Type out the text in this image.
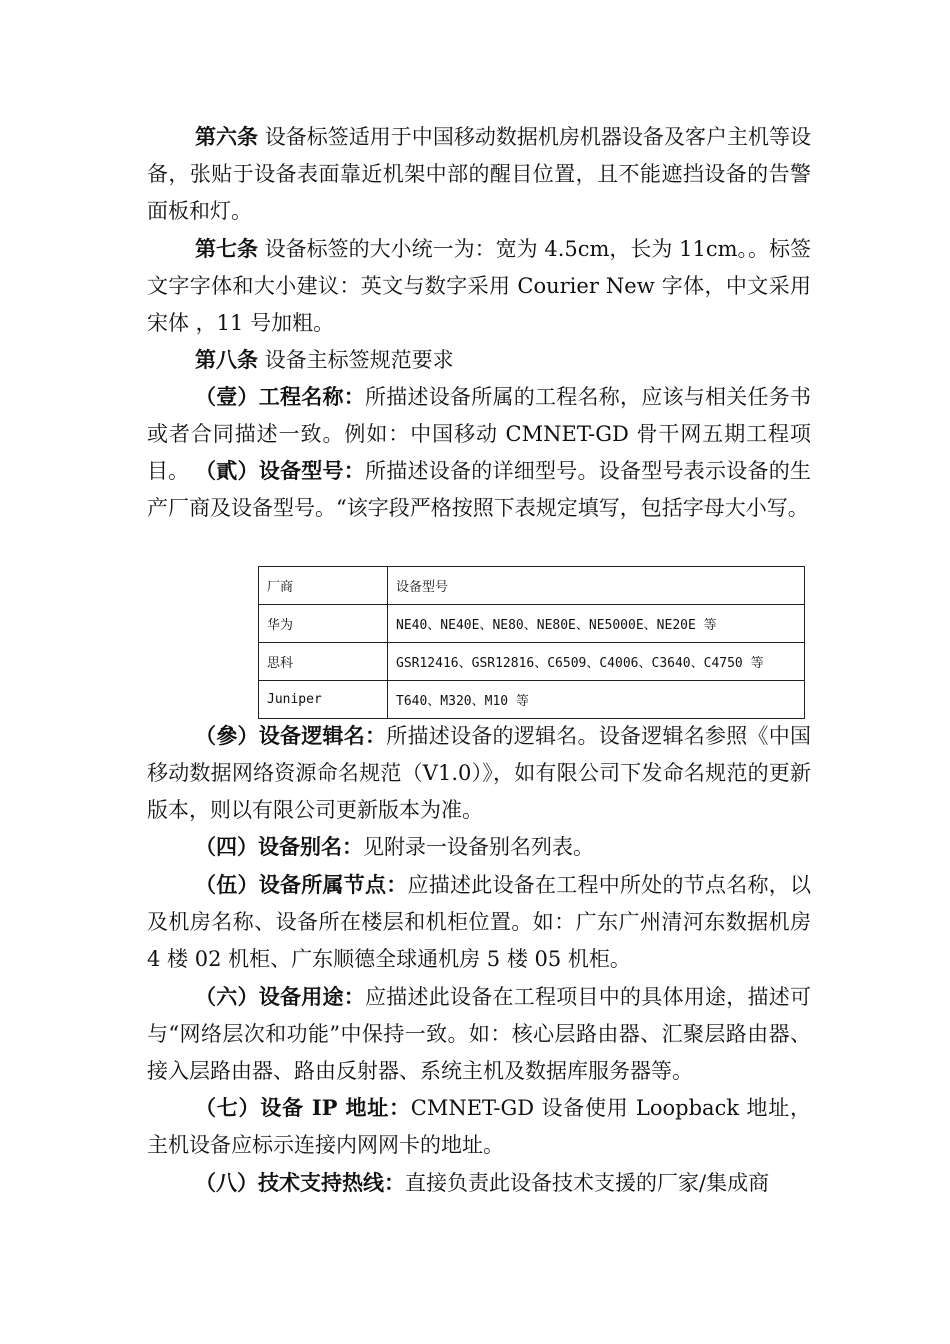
第六条 设备标签适用于中国移动数据机房机器设备及客户主机等设备，张贴于设备表面靠近机架中部的醒目位置，且不能遮挡设备的告警面板和灯。

第七条 设备标签的大小统一为：宽为 4.5cm，长为 11cm。。标签文字字体和大小建议：英文与数字采用 Courier New 字体，中文采用宋体 ，11 号加粗。

第八条 设备主标签规范要求

（壹）工程名称：所描述设备所属的工程名称，应该与相关任务书或者合同描述一致。例如：中国移动 CMNET-GD 骨干网五期工程项目。 （貳）设备型号：所描述设备的详细型号。设备型号表示设备的生产厂商及设备型号。“该字段严格按照下表规定填写，包括字母大小写。

厂商	设备型号
华为	NE40、NE40E、NE80、NE80E、NE5000E、NE20E 等
思科	GSR12416、GSR12816、C6509、C4006、C3640、C4750 等
Juniper	T640、M320、M10 等

（參）设备逻辑名：所描述设备的逻辑名。设备逻辑名参照《中国移动数据网络资源命名规范（V1.0）》，如有限公司下发命名规范的更新版本，则以有限公司更新版本为准。

（四）设备别名：见附录一设备别名列表。

（伍）设备所属节点：应描述此设备在工程中所处的节点名称，以及机房名称、设备所在楼层和机柜位置。如：广东广州清河东数据机房 4 楼 02 机柜、广东顺德全球通机房 5 楼 05 机柜。

（六）设备用途：应描述此设备在工程项目中的具体用途，描述可与“网络层次和功能”中保持一致。如：核心层路由器、汇聚层路由器、接入层路由器、路由反射器、系统主机及数据库服务器等。

（七）设备 IP 地址：CMNET-GD 设备使用 Loopback 地址，主机设备应标示连接内网网卡的地址。

（八）技术支持热线：直接负责此设备技术支援的厂家/集成商
